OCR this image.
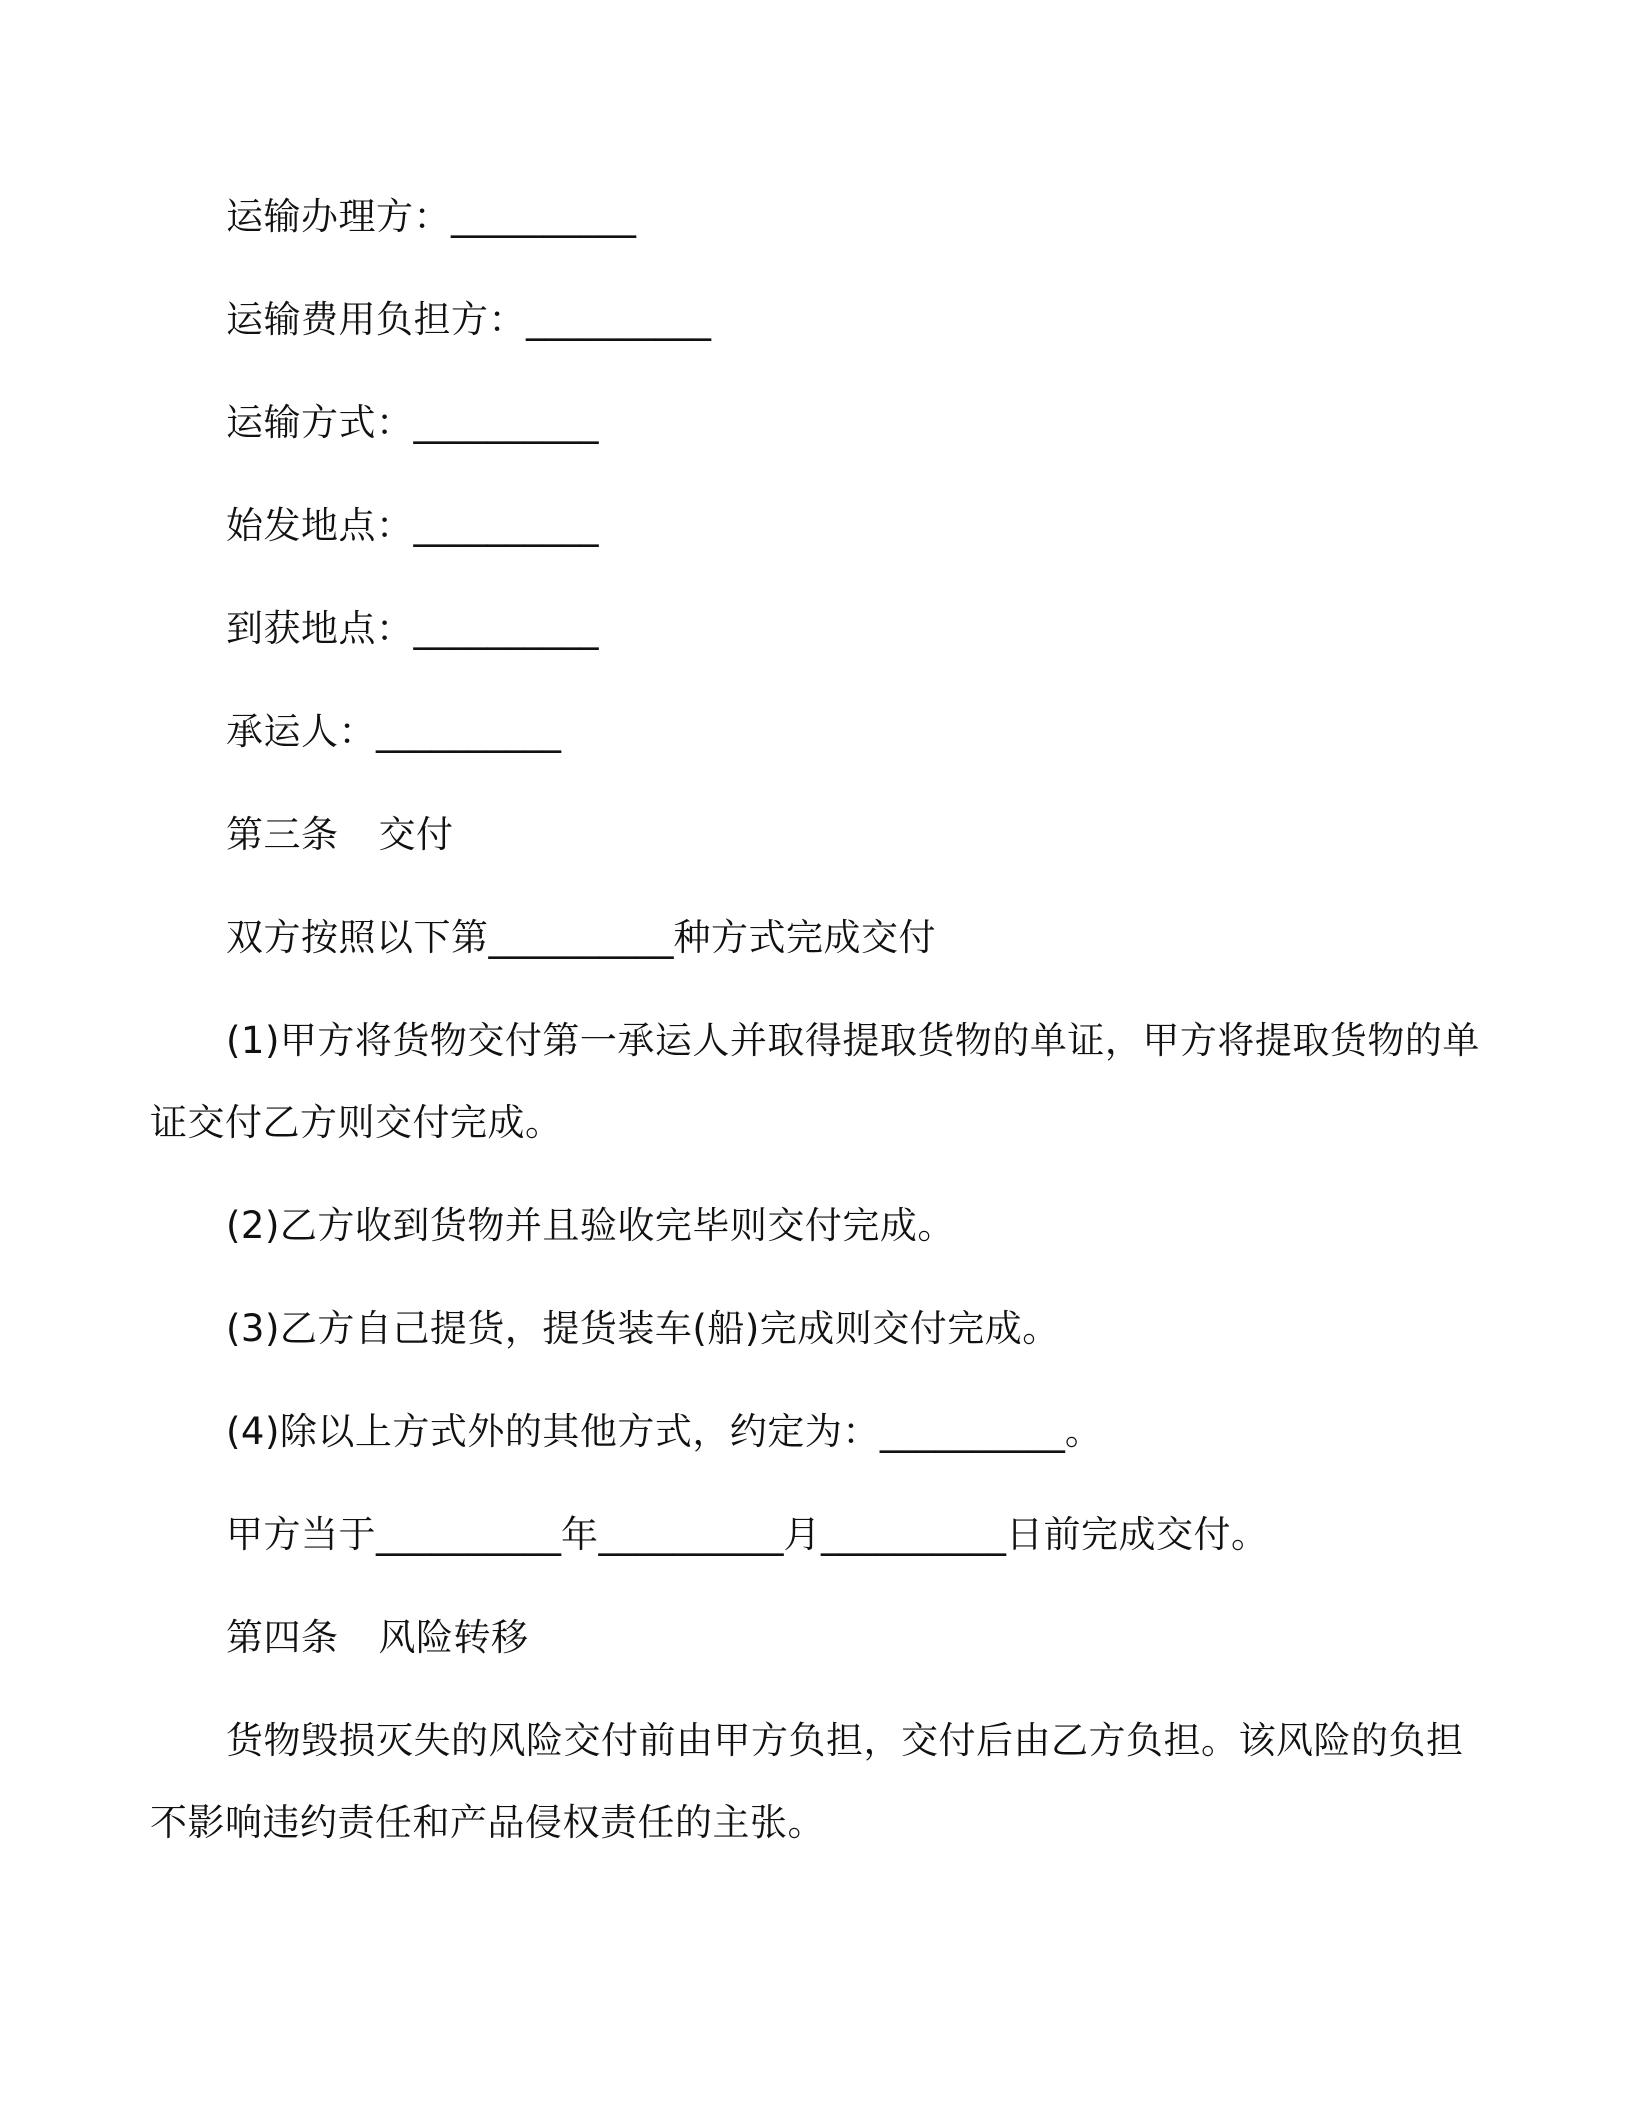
运输办理方：__________
运输费用负担方：__________
运输方式：__________
始发地点：__________
到获地点：__________
承运人：__________
第三条 交付
双方按照以下第__________种方式完成交付
(1)甲方将货物交付第一承运人并取得提取货物的单证，甲方将提取货物的单
证交付乙方则交付完成。
(2)乙方收到货物并且验收完毕则交付完成。
(3)乙方自己提货，提货装车(船)完成则交付完成。
(4)除以上方式外的其他方式，约定为：__________。
甲方当于__________年__________月__________日前完成交付。
第四条 风险转移
货物毁损灭失的风险交付前由甲方负担，交付后由乙方负担。该风险的负担
不影响违约责任和产品侵权责任的主张。
